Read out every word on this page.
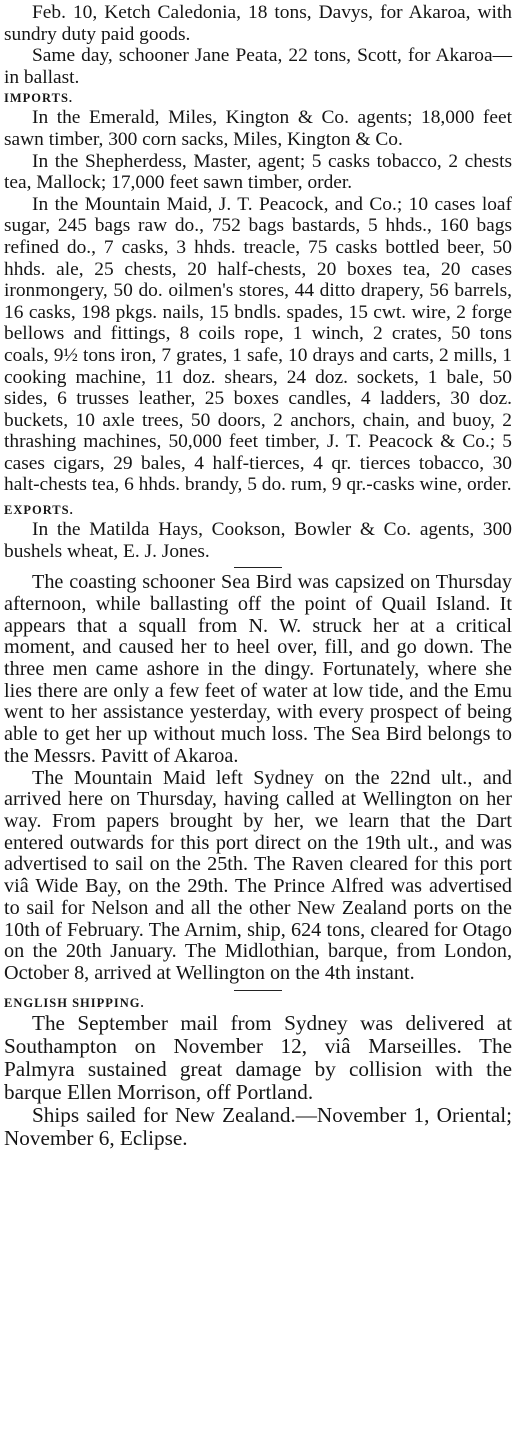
Feb. 10, Ketch Caledonia, 18 tons, Davys, for Akaroa, with sundry duty paid goods.

Same day, schooner Jane Peata, 22 tons, Scott, for Akaroa—in ballast.

IMPORTS.

In the Emerald, Miles, Kington & Co. agents; 18,000 feet sawn timber, 300 corn sacks, Miles, Kington & Co.

In the Shepherdess, Master, agent; 5 casks tobacco, 2 chests tea, Mallock; 17,000 feet sawn timber, order.

In the Mountain Maid, J. T. Peacock, and Co.; 10 cases loaf sugar, 245 bags raw do., 752 bags bastards, 5 hhds., 160 bags refined do., 7 casks, 3 hhds. treacle, 75 casks bottled beer, 50 hhds. ale, 25 chests, 20 half-chests, 20 boxes tea, 20 cases ironmongery, 50 do. oilmen's stores, 44 ditto drapery, 56 barrels, 16 casks, 198 pkgs. nails, 15 bndls. spades, 15 cwt. wire, 2 forge bellows and fittings, 8 coils rope, 1 winch, 2 crates, 50 tons coals, 9½ tons iron, 7 grates, 1 safe, 10 drays and carts, 2 mills, 1 cooking machine, 11 doz. shears, 24 doz. sockets, 1 bale, 50 sides, 6 trusses leather, 25 boxes candles, 4 ladders, 30 doz. buckets, 10 axle trees, 50 doors, 2 anchors, chain, and buoy, 2 thrashing machines, 50,000 feet timber, J. T. Peacock & Co.; 5 cases cigars, 29 bales, 4 half-tierces, 4 qr. tierces tobacco, 30 halt-chests tea, 6 hhds. brandy, 5 do. rum, 9 qr.-casks wine, order.

EXPORTS.

In the Matilda Hays, Cookson, Bowler & Co. agents, 300 bushels wheat, E. J. Jones.

The coasting schooner Sea Bird was capsized on Thursday afternoon, while ballasting off the point of Quail Island. It appears that a squall from N. W. struck her at a critical moment, and caused her to heel over, fill, and go down. The three men came ashore in the dingy. Fortunately, where she lies there are only a few feet of water at low tide, and the Emu went to her assistance yesterday, with every prospect of being able to get her up without much loss. The Sea Bird belongs to the Messrs. Pavitt of Akaroa.

The Mountain Maid left Sydney on the 22nd ult., and arrived here on Thursday, having called at Wellington on her way. From papers brought by her, we learn that the Dart entered outwards for this port direct on the 19th ult., and was advertised to sail on the 25th. The Raven cleared for this port viâ Wide Bay, on the 29th. The Prince Alfred was advertised to sail for Nelson and all the other New Zealand ports on the 10th of February. The Arnim, ship, 624 tons, cleared for Otago on the 20th January. The Midlothian, barque, from London, October 8, arrived at Wellington on the 4th instant.

ENGLISH SHIPPING.

The September mail from Sydney was delivered at Southampton on November 12, viâ Marseilles. The Palmyra sustained great damage by collision with the barque Ellen Morrison, off Portland.

Ships sailed for New Zealand.—November 1, Oriental; November 6, Eclipse.
